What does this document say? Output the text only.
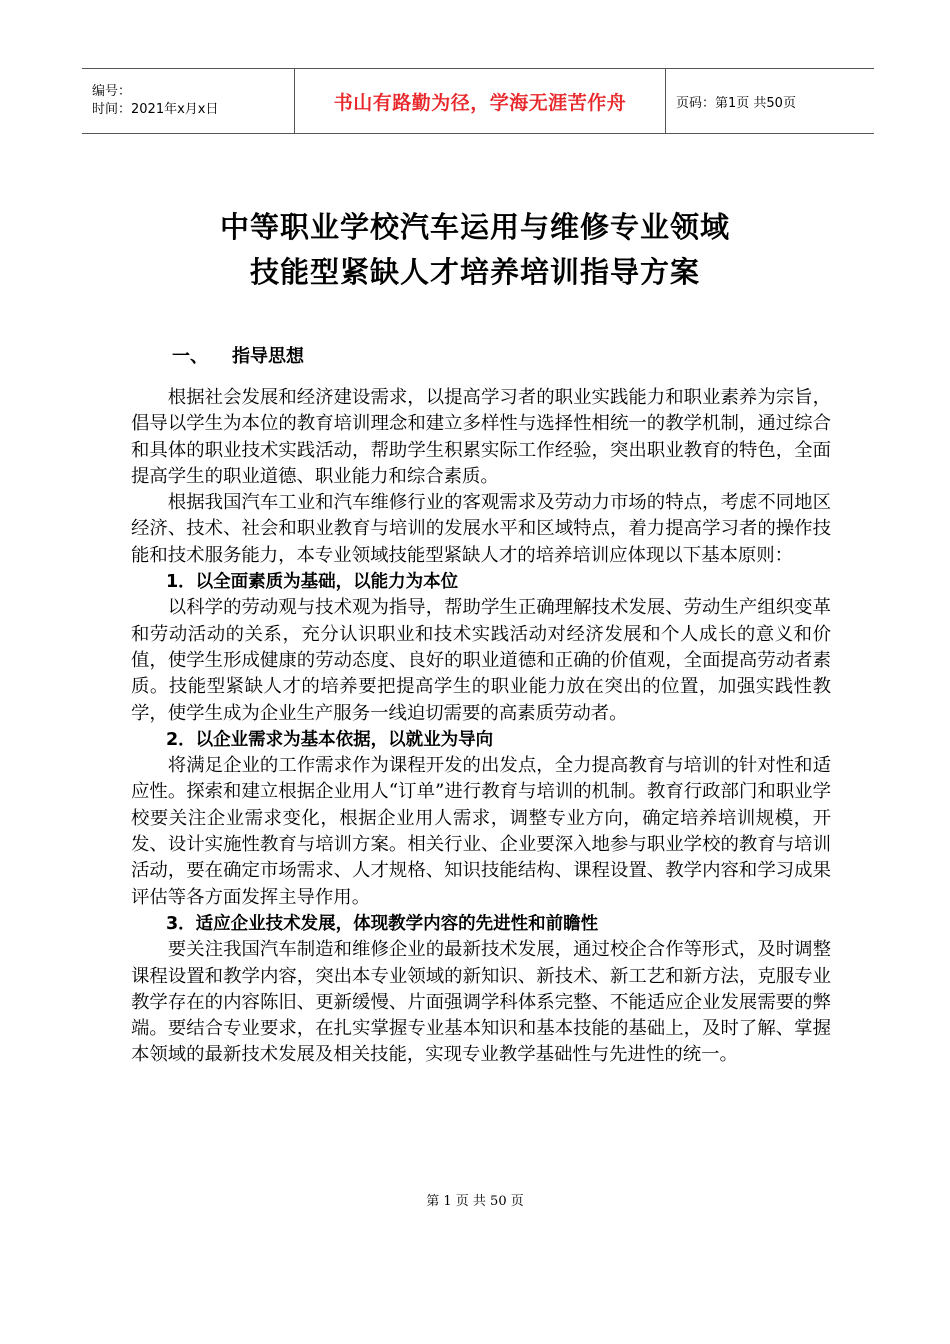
编号：
时间：2021年x月x日	书山有路勤为径，学海无涯苦作舟	页码：第1页 共50页
中等职业学校汽车运用与维修专业领域
技能型紧缺人才培养培训指导方案
一、 指导思想

根据社会发展和经济建设需求，以提高学习者的职业实践能力和职业素养为宗旨，倡导以学生为本位的教育培训理念和建立多样性与选择性相统一的教学机制，通过综合和具体的职业技术实践活动，帮助学生积累实际工作经验，突出职业教育的特色，全面提高学生的职业道德、职业能力和综合素质。

根据我国汽车工业和汽车维修行业的客观需求及劳动力市场的特点，考虑不同地区经济、技术、社会和职业教育与培训的发展水平和区域特点，着力提高学习者的操作技能和技术服务能力，本专业领域技能型紧缺人才的培养培训应体现以下基本原则：

1．以全面素质为基础，以能力为本位

以科学的劳动观与技术观为指导，帮助学生正确理解技术发展、劳动生产组织变革和劳动活动的关系，充分认识职业和技术实践活动对经济发展和个人成长的意义和价值，使学生形成健康的劳动态度、良好的职业道德和正确的价值观，全面提高劳动者素质。技能型紧缺人才的培养要把提高学生的职业能力放在突出的位置，加强实践性教学，使学生成为企业生产服务一线迫切需要的高素质劳动者。

2．以企业需求为基本依据，以就业为导向

将满足企业的工作需求作为课程开发的出发点，全力提高教育与培训的针对性和适应性。探索和建立根据企业用人“订单”进行教育与培训的机制。教育行政部门和职业学校要关注企业需求变化，根据企业用人需求，调整专业方向，确定培养培训规模，开发、设计实施性教育与培训方案。相关行业、企业要深入地参与职业学校的教育与培训活动，要在确定市场需求、人才规格、知识技能结构、课程设置、教学内容和学习成果评估等各方面发挥主导作用。

3．适应企业技术发展，体现教学内容的先进性和前瞻性

要关注我国汽车制造和维修企业的最新技术发展，通过校企合作等形式，及时调整课程设置和教学内容，突出本专业领域的新知识、新技术、新工艺和新方法，克服专业教学存在的内容陈旧、更新缓慢、片面强调学科体系完整、不能适应企业发展需要的弊端。要结合专业要求，在扎实掌握专业基本知识和基本技能的基础上，及时了解、掌握本领域的最新技术发展及相关技能，实现专业教学基础性与先进性的统一。

第 1 页 共 50 页
